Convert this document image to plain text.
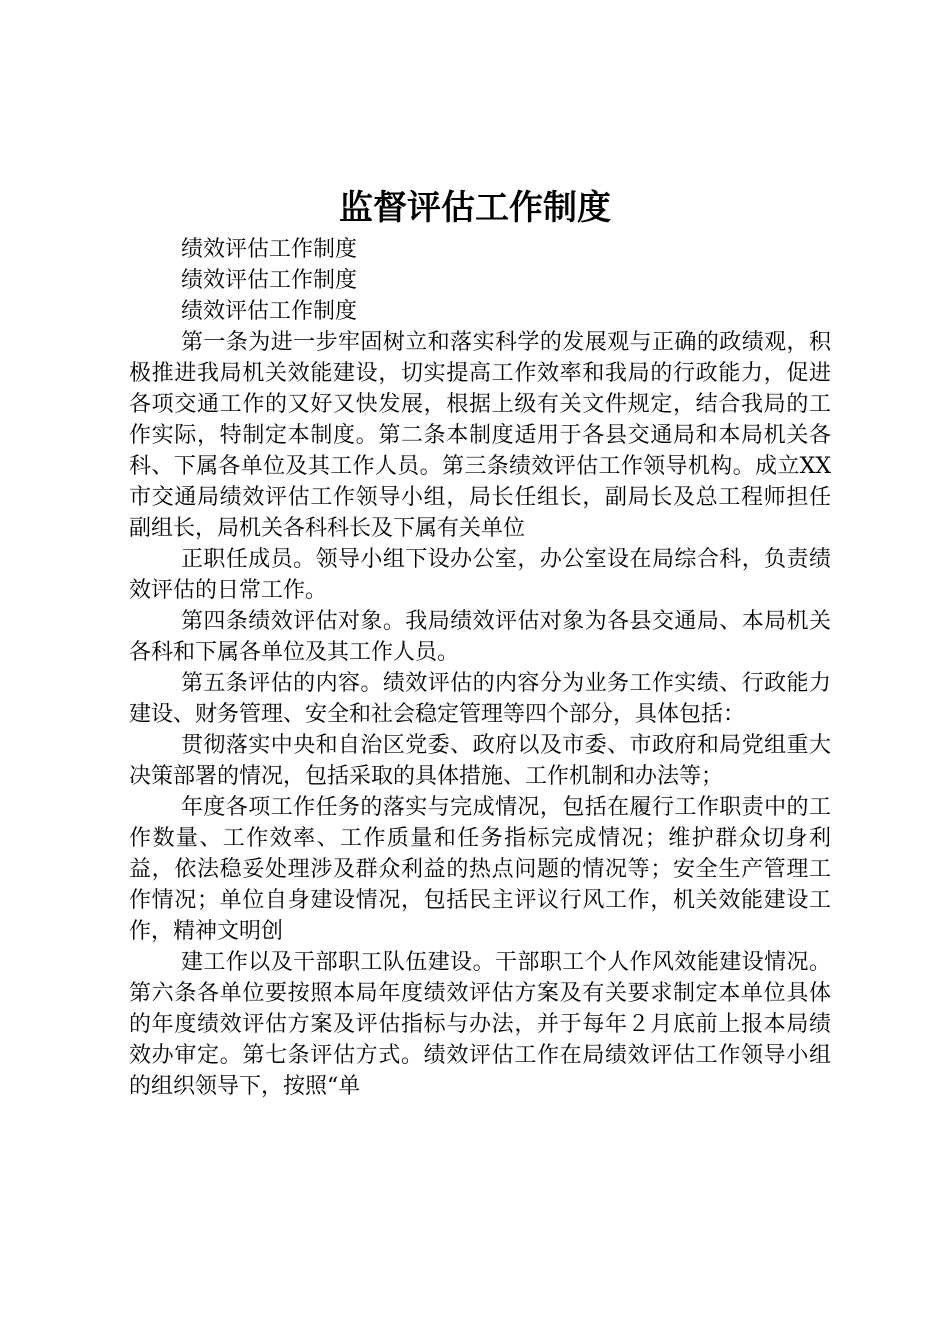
监督评估工作制度

绩效评估工作制度

绩效评估工作制度

绩效评估工作制度

第一条为进一步牢固树立和落实科学的发展观与正确的政绩观，积极推进我局机关效能建设，切实提高工作效率和我局的行政能力，促进各项交通工作的又好又快发展，根据上级有关文件规定，结合我局的工作实际，特制定本制度。第二条本制度适用于各县交通局和本局机关各科、下属各单位及其工作人员。第三条绩效评估工作领导机构。成立XX市交通局绩效评估工作领导小组，局长任组长，副局长及总工程师担任副组长，局机关各科科长及下属有关单位

正职任成员。领导小组下设办公室，办公室设在局综合科，负责绩效评估的日常工作。

第四条绩效评估对象。我局绩效评估对象为各县交通局、本局机关各科和下属各单位及其工作人员。

第五条评估的内容。绩效评估的内容分为业务工作实绩、行政能力建设、财务管理、安全和社会稳定管理等四个部分，具体包括：

贯彻落实中央和自治区党委、政府以及市委、市政府和局党组重大决策部署的情况，包括采取的具体措施、工作机制和办法等；

年度各项工作任务的落实与完成情况，包括在履行工作职责中的工作数量、工作效率、工作质量和任务指标完成情况；维护群众切身利益，依法稳妥处理涉及群众利益的热点问题的情况等；安全生产管理工作情况；单位自身建设情况，包括民主评议行风工作，机关效能建设工作，精神文明创

建工作以及干部职工队伍建设。干部职工个人作风效能建设情况。第六条各单位要按照本局年度绩效评估方案及有关要求制定本单位具体的年度绩效评估方案及评估指标与办法，并于每年２月底前上报本局绩效办审定。第七条评估方式。绩效评估工作在局绩效评估工作领导小组的组织领导下，按照“单
